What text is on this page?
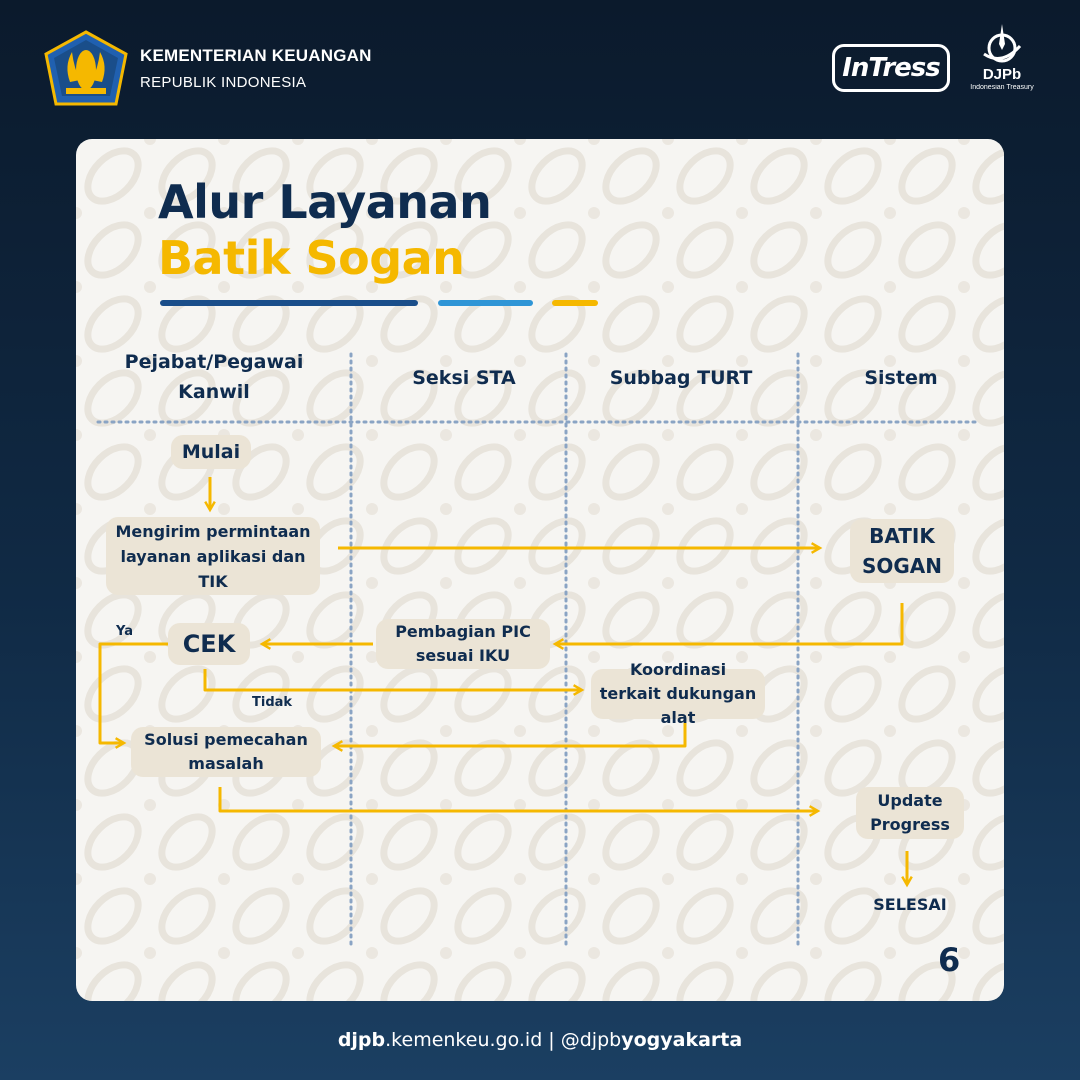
KEMENTERIAN KEUANGAN
REPUBLIK INDONESIA	InTress	DJPb
Indonesian Treasury
Alur Layanan
Batik Sogan
Pejabat/Pegawai Kanwil
Seksi STA	Subbag TURT	Sistem
Mulai
Mengirim permintaan layanan aplikasi dan TIK
BATIK SOGAN
CEK	Pembagian PIC sesuai IKU
Koordinasi terkait dukungan alat
Solusi pemecahan masalah
Update Progress
SELESAI
Ya
Tidak
6
djpb.kemenkeu.go.id | @djpbyogyakarta
